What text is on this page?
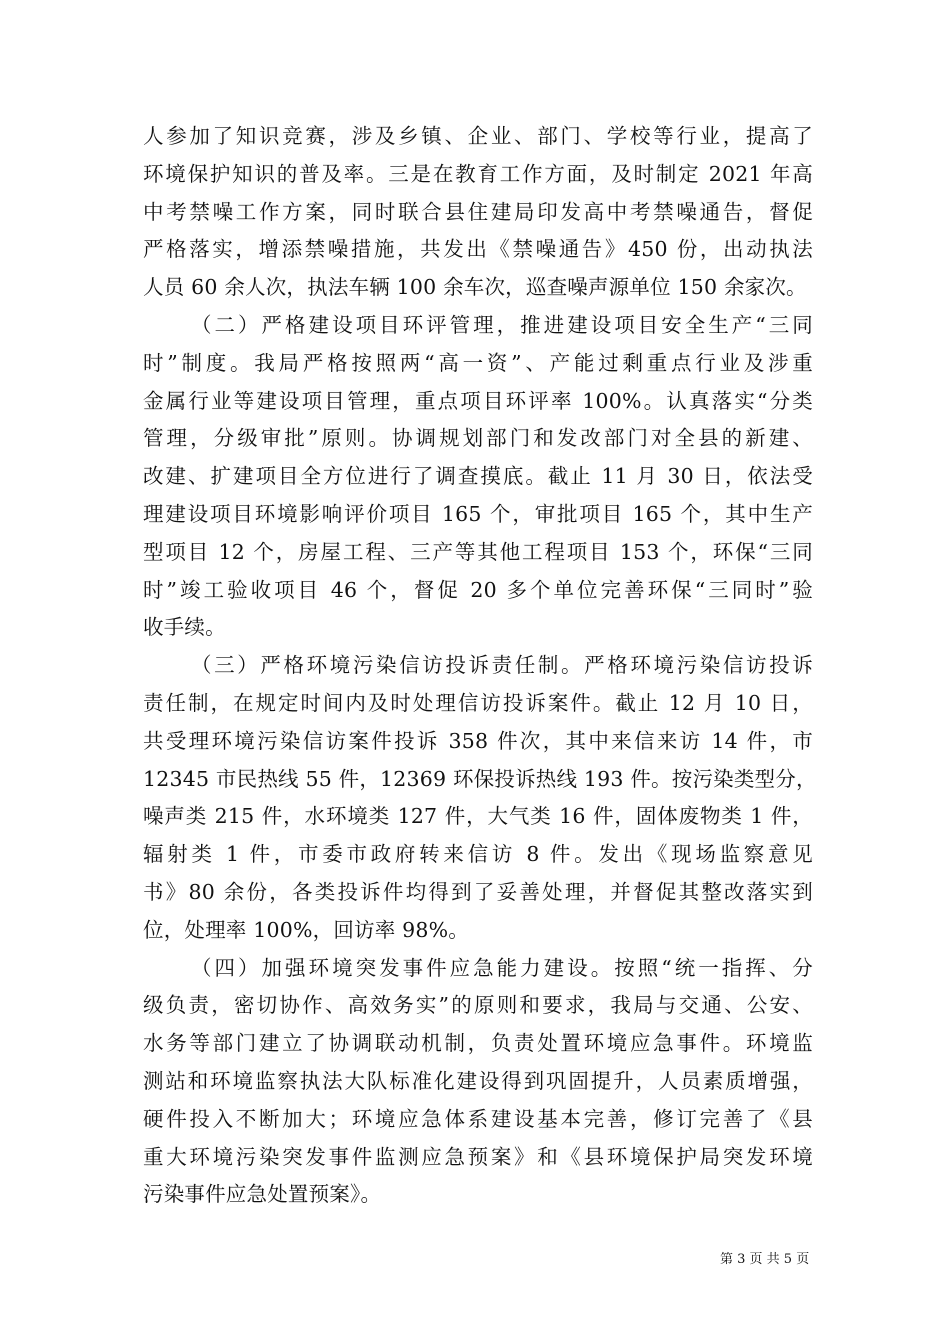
人参加了知识竞赛，涉及乡镇、企业、部门、学校等行业，提高了
环境保护知识的普及率。三是在教育工作方面，及时制定 2021 年高
中考禁噪工作方案，同时联合县住建局印发高中考禁噪通告，督促
严格落实，增添禁噪措施，共发出《禁噪通告》450 份，出动执法
人员 60 余人次，执法车辆 100 余车次，巡查噪声源单位 150 余家次。
（二）严格建设项目环评管理，推进建设项目安全生产“三同
时”制度。我局严格按照两“高一资”、产能过剩重点行业及涉重
金属行业等建设项目管理，重点项目环评率 100%。认真落实“分类
管理，分级审批”原则。协调规划部门和发改部门对全县的新建、
改建、扩建项目全方位进行了调查摸底。截止 11 月 30 日，依法受
理建设项目环境影响评价项目 165 个，审批项目 165 个，其中生产
型项目 12 个，房屋工程、三产等其他工程项目 153 个，环保“三同
时”竣工验收项目 46 个，督促 20 多个单位完善环保“三同时”验
收手续。
（三）严格环境污染信访投诉责任制。严格环境污染信访投诉
责任制，在规定时间内及时处理信访投诉案件。截止 12 月 10 日，
共受理环境污染信访案件投诉 358 件次，其中来信来访 14 件，市
12345 市民热线 55 件，12369 环保投诉热线 193 件。按污染类型分，
噪声类 215 件，水环境类 127 件，大气类 16 件，固体废物类 1 件，
辐射类 1 件，市委市政府转来信访 8 件。发出《现场监察意见
书》80 余份，各类投诉件均得到了妥善处理，并督促其整改落实到
位，处理率 100%，回访率 98%。
（四）加强环境突发事件应急能力建设。按照“统一指挥、分
级负责，密切协作、高效务实”的原则和要求，我局与交通、公安、
水务等部门建立了协调联动机制，负责处置环境应急事件。环境监
测站和环境监察执法大队标准化建设得到巩固提升，人员素质增强，
硬件投入不断加大；环境应急体系建设基本完善，修订完善了《县
重大环境污染突发事件监测应急预案》和《县环境保护局突发环境
污染事件应急处置预案》。
第 3 页 共 5 页
